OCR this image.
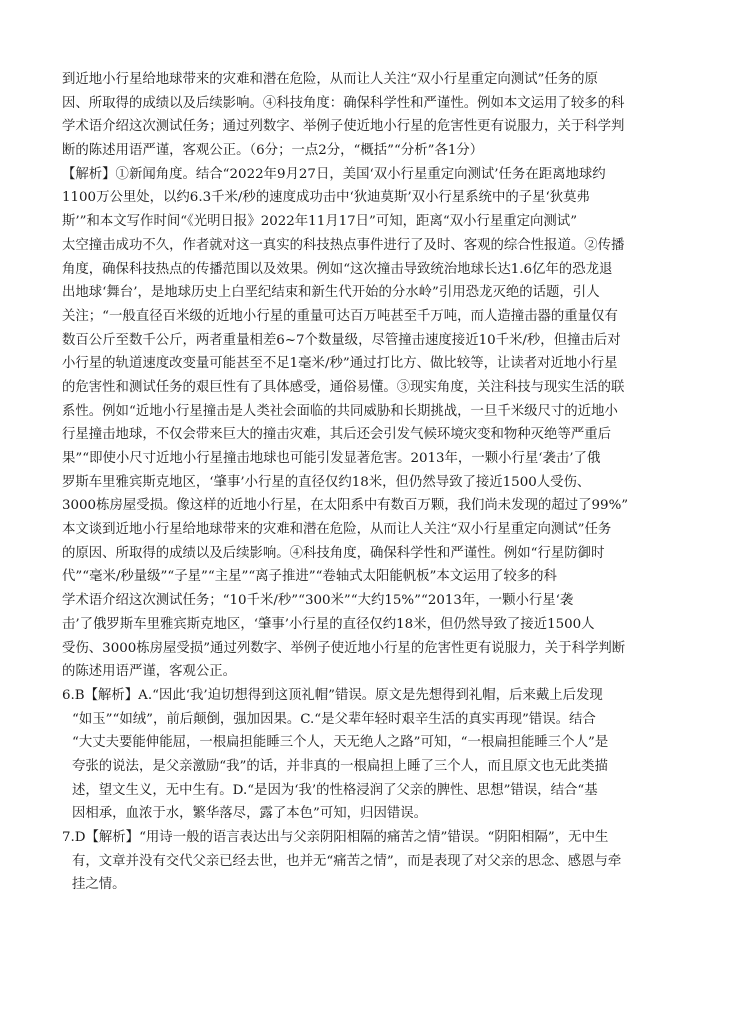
到近地小行星给地球带来的灾难和潜在危险，从而让人关注“双小行星重定向测试”任务的原
因、所取得的成绩以及后续影响。④科技角度：确保科学性和严谨性。例如本文运用了较多的科
学术语介绍这次测试任务；通过列数字、举例子使近地小行星的危害性更有说服力，关于科学判
断的陈述用语严谨，客观公正。（6分；一点2分，“概括”“分析”各1分）
【解析】①新闻角度。结合“2022年9月27日，美国‘双小行星重定向测试’任务在距离地球约
1100万公里处，以约6.3千米/秒的速度成功击中‘狄迪莫斯’双小行星系统中的子星‘狄莫弗
斯’”和本文写作时间“《光明日报》2022年11月17日”可知，距离“双小行星重定向测试”
太空撞击成功不久，作者就对这一真实的科技热点事件进行了及时、客观的综合性报道。②传播
角度，确保科技热点的传播范围以及效果。例如“这次撞击导致统治地球长达1.6亿年的恐龙退
出地球‘舞台’，是地球历史上白垩纪结束和新生代开始的分水岭”引用恐龙灭绝的话题，引人
关注；“一般直径百米级的近地小行星的重量可达百万吨甚至千万吨，而人造撞击器的重量仅有
数百公斤至数千公斤，两者重量相差6~7个数量级，尽管撞击速度接近10千米/秒，但撞击后对
小行星的轨道速度改变量可能甚至不足1毫米/秒”通过打比方、做比较等，让读者对近地小行星
的危害性和测试任务的艰巨性有了具体感受，通俗易懂。③现实角度，关注科技与现实生活的联
系性。例如“近地小行星撞击是人类社会面临的共同威胁和长期挑战，一旦千米级尺寸的近地小
行星撞击地球，不仅会带来巨大的撞击灾难，其后还会引发气候环境灾变和物种灭绝等严重后
果”“即使小尺寸近地小行星撞击地球也可能引发显著危害。2013年，一颗小行星‘袭击’了俄
罗斯车里雅宾斯克地区，‘肇事’小行星的直径仅约18米，但仍然导致了接近1500人受伤、
3000栋房屋受损。像这样的近地小行星，在太阳系中有数百万颗，我们尚未发现的超过了99%”
本文谈到近地小行星给地球带来的灾难和潜在危险，从而让人关注“双小行星重定向测试”任务
的原因、所取得的成绩以及后续影响。④科技角度，确保科学性和严谨性。例如“行星防御时
代”“毫米/秒量级”“子星”“主星”“离子推进”“卷轴式太阳能帆板”本文运用了较多的科
学术语介绍这次测试任务；“10千米/秒”“300米”“大约15%”“2013年，一颗小行星‘袭
击’了俄罗斯车里雅宾斯克地区，‘肇事’小行星的直径仅约18米，但仍然导致了接近1500人
受伤、3000栋房屋受损”通过列数字、举例子使近地小行星的危害性更有说服力，关于科学判断
的陈述用语严谨，客观公正。
6.B【解析】A.“因此‘我’迫切想得到这顶礼帽”错误。原文是先想得到礼帽，后来戴上后发现
“如玉”“如绒”，前后颠倒，强加因果。C.“是父辈年轻时艰辛生活的真实再现”错误。结合
“大丈夫要能伸能屈，一根扁担能睡三个人，天无绝人之路”可知，“一根扁担能睡三个人”是
夸张的说法，是父亲激励“我”的话，并非真的一根扁担上睡了三个人，而且原文也无此类描
述，望文生义，无中生有。D.“是因为‘我’的性格浸润了父亲的脾性、思想”错误，结合“基
因相承，血浓于水，繁华落尽，露了本色”可知，归因错误。
7.D【解析】“用诗一般的语言表达出与父亲阴阳相隔的痛苦之情”错误。“阴阳相隔”，无中生
有，文章并没有交代父亲已经去世，也并无“痛苦之情”，而是表现了对父亲的思念、感恩与牵
挂之情。
